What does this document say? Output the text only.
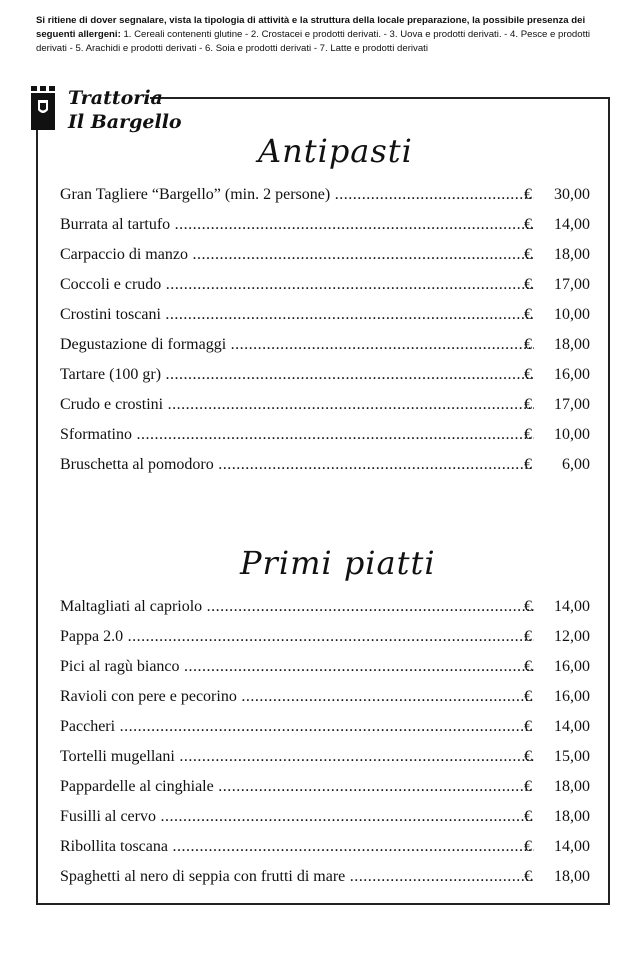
Si ritiene di dover segnalare, vista la tipologia di attività e la struttura della locale preparazione, la possibile presenza dei seguenti allergeni: 1. Cereali contenenti glutine - 2. Crostacei e prodotti derivati. - 3. Uova e prodotti derivati. - 4. Pesce e prodotti derivati - 5. Arachidi e prodotti derivati - 6. Soia e prodotti derivati - 7. Latte e prodotti derivati
Trattoria
Il Bargello
Antipasti
Gran Tagliere “Bargello” (min. 2 persone) .....	€	30,00
Burrata al tartufo .....	€	14,00
Carpaccio di manzo .....	€	18,00
Coccoli e crudo .....	€	17,00
Crostini toscani .....	€	10,00
Degustazione di formaggi .....	€	18,00
Tartare (100 gr) .....	€	16,00
Crudo e crostini .....	€	17,00
Sformatino .....	€	10,00
Bruschetta al pomodoro .....	€	6,00
Primi piatti
Maltagliati al capriolo .....	€	14,00
Pappa 2.0 .....	€	12,00
Pici al ragù bianco .....	€	16,00
Ravioli con pere e pecorino .....	€	16,00
Paccheri .....	€	14,00
Tortelli mugellani .....	€	15,00
Pappardelle al cinghiale .....	€	18,00
Fusilli al cervo .....	€	18,00
Ribollita toscana .....	€	14,00
Spaghetti al nero di seppia con frutti di mare .....	€	18,00
